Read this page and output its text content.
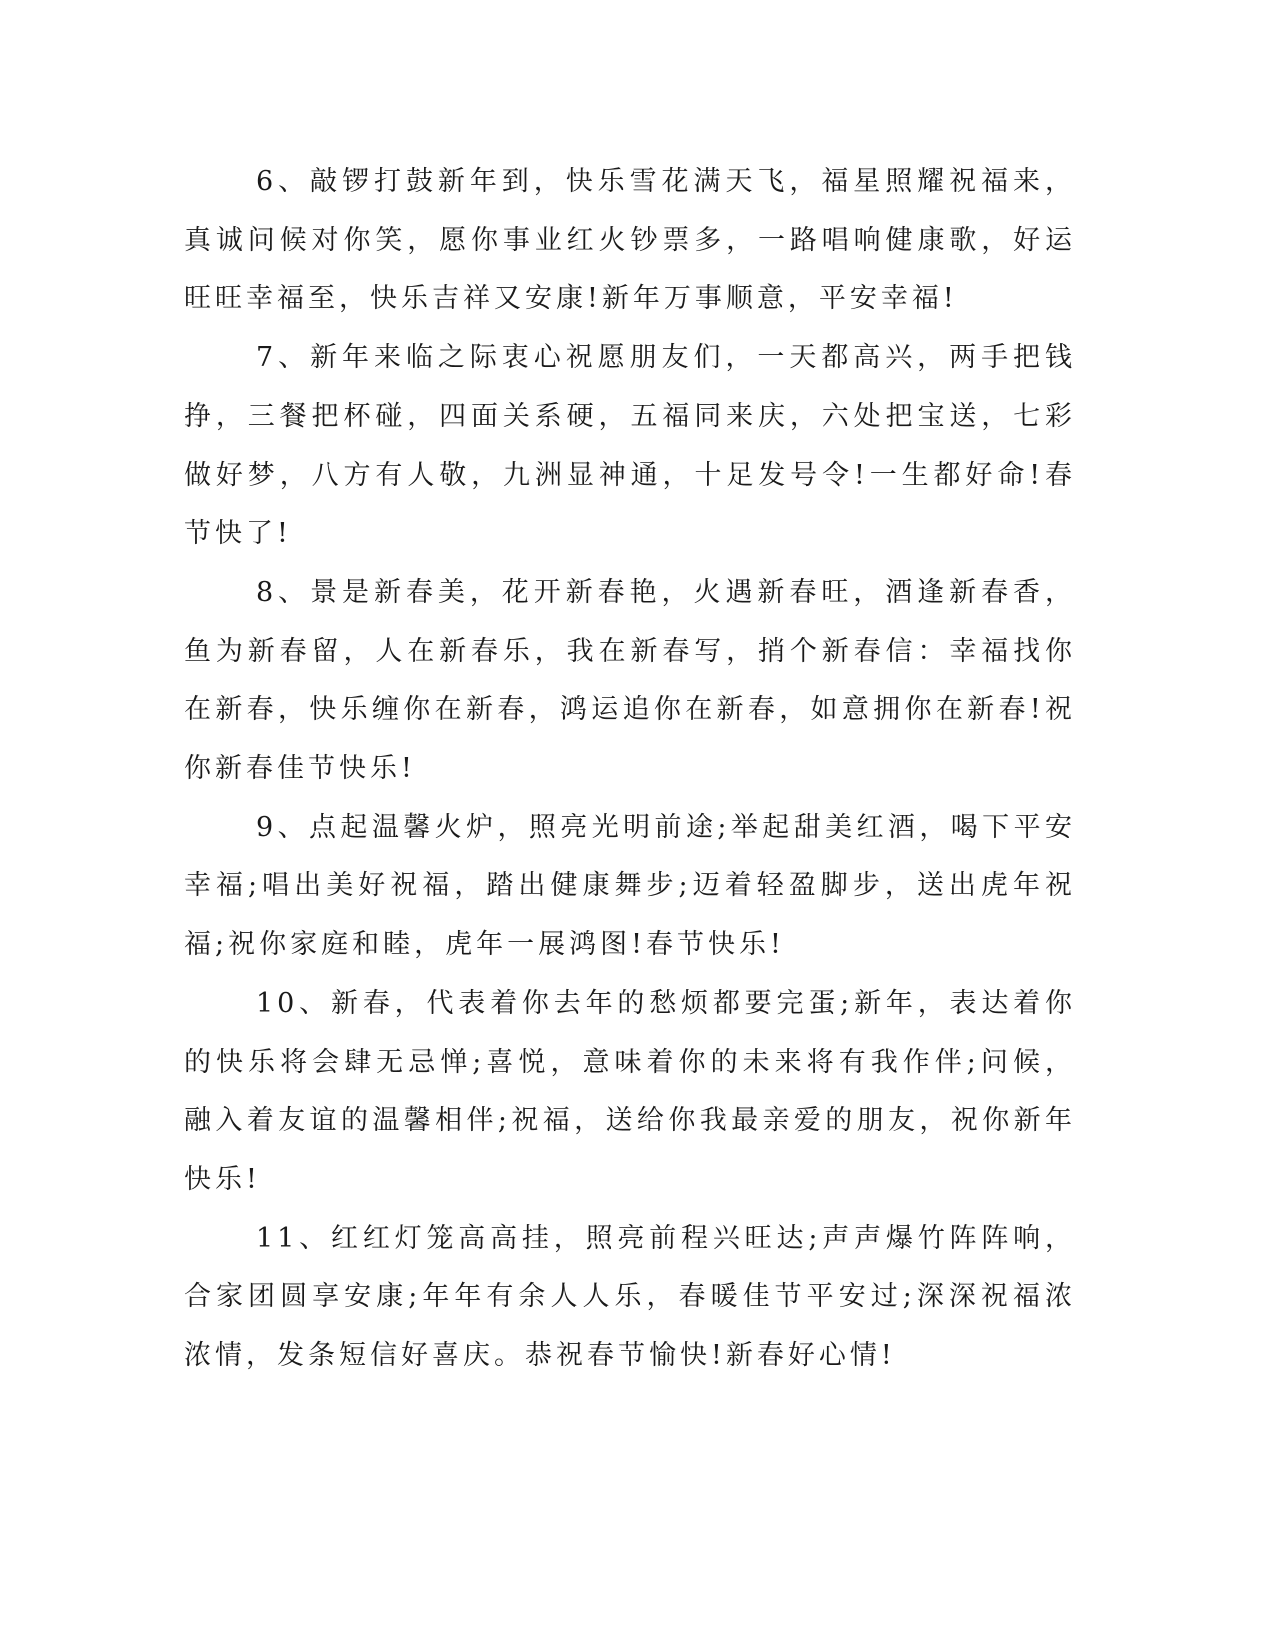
6、敲锣打鼓新年到，快乐雪花满天飞，福星照耀祝福来，真诚问候对你笑，愿你事业红火钞票多，一路唱响健康歌，好运旺旺幸福至，快乐吉祥又安康!新年万事顺意，平安幸福!

7、新年来临之际衷心祝愿朋友们，一天都高兴，两手把钱挣，三餐把杯碰，四面关系硬，五福同来庆，六处把宝送，七彩做好梦，八方有人敬，九洲显神通，十足发号令!一生都好命!春节快了!

8、景是新春美，花开新春艳，火遇新春旺，酒逢新春香，鱼为新春留，人在新春乐，我在新春写，捎个新春信：幸福找你在新春，快乐缠你在新春，鸿运追你在新春，如意拥你在新春!祝你新春佳节快乐!

9、点起温馨火炉，照亮光明前途;举起甜美红酒，喝下平安幸福;唱出美好祝福，踏出健康舞步;迈着轻盈脚步，送出虎年祝福;祝你家庭和睦，虎年一展鸿图!春节快乐!

10、新春，代表着你去年的愁烦都要完蛋;新年，表达着你的快乐将会肆无忌惮;喜悦，意味着你的未来将有我作伴;问候，融入着友谊的温馨相伴;祝福，送给你我最亲爱的朋友，祝你新年快乐!

11、红红灯笼高高挂，照亮前程兴旺达;声声爆竹阵阵响，合家团圆享安康;年年有余人人乐，春暖佳节平安过;深深祝福浓浓情，发条短信好喜庆。恭祝春节愉快!新春好心情!
